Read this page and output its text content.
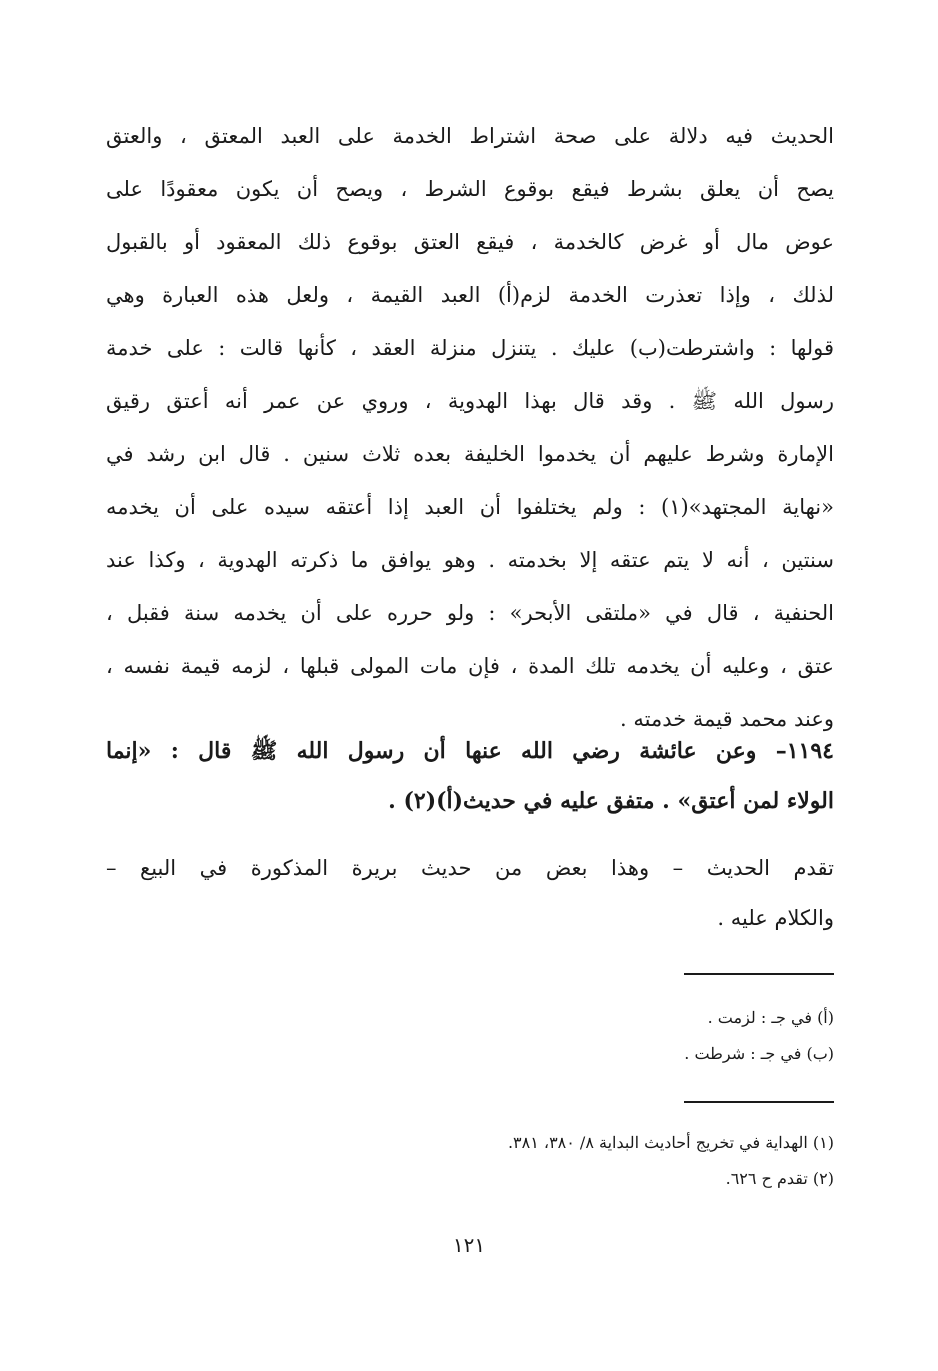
الحديث فيه دلالة على صحة اشتراط الخدمة على العبد المعتق ، والعتق
يصح أن يعلق بشرط فيقع بوقوع الشرط ، ويصح أن يكون معقودًا على
عوض مال أو غرض كالخدمة ، فيقع العتق بوقوع ذلك المعقود أو بالقبول
لذلك ، وإذا تعذرت الخدمة لزم(أ) العبد القيمة ، ولعل هذه العبارة وهي
قولها : واشترطت(ب) عليك . يتنزل منزلة العقد ، كأنها قالت : على خدمة
رسول الله ﷺ . وقد قال بهذا الهدوية ، وروي عن عمر أنه أعتق رقيق
الإمارة وشرط عليهم أن يخدموا الخليفة بعده ثلاث سنين . قال ابن رشد في
«نهاية المجتهد»(١) : ولم يختلفوا أن العبد إذا أعتقه سيده على أن يخدمه
سنتين ، أنه لا يتم عتقه إلا بخدمته . وهو يوافق ما ذكرته الهدوية ، وكذا عند
الحنفية ، قال في «ملتقى الأبحر» : ولو حرره على أن يخدمه سنة فقبل ،
عتق ، وعليه أن يخدمه تلك المدة ، فإن مات المولى قبلها ، لزمه قيمة نفسه ،
وعند محمد قيمة خدمته .
١١٩٤– وعن عائشة رضي الله عنها أن رسول الله ﷺ قال : «إنما
الولاء لمن أعتق» . متفق عليه في حديث(أ)(٢) .
تقدم الحديث – وهذا بعض من حديث بريرة المذكورة في البيع –
والكلام عليه .
(أ) في جـ : لزمت .
(ب) في جـ : شرطت .
(١) الهداية في تخريج أحاديث البداية ٨/ ٣٨٠، ٣٨١.
(٢) تقدم ح ٦٢٦.
١٢١
